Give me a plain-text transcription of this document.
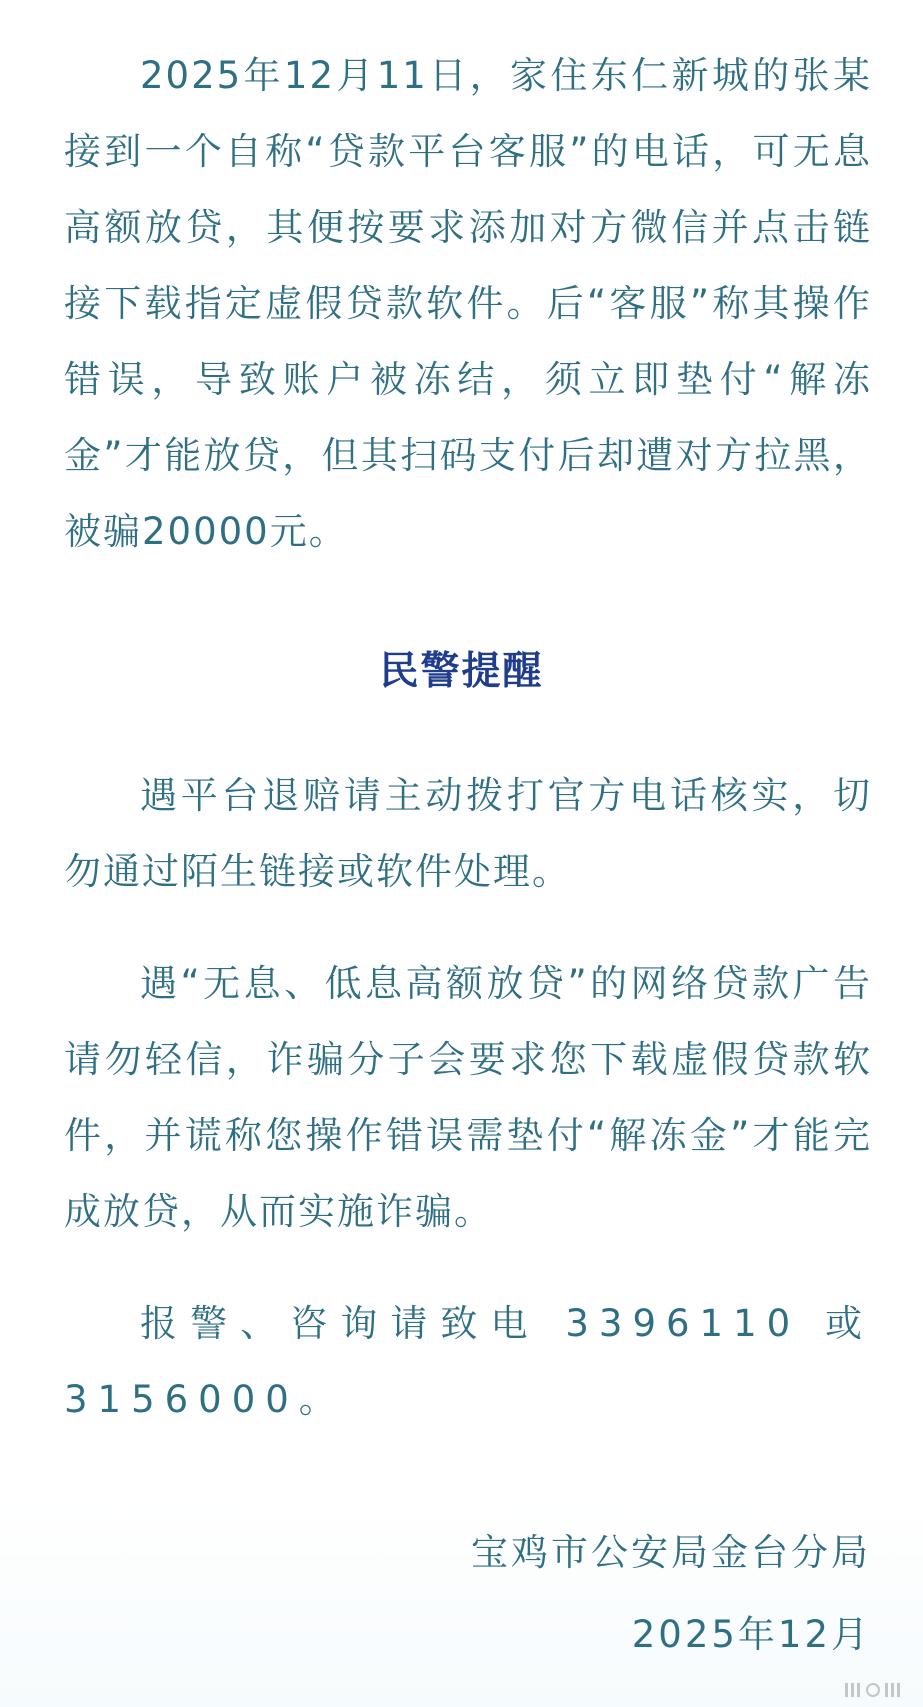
2025年12月11日，家住东仁新城的张某接到一个自称“贷款平台客服”的电话，可无息高额放贷，其便按要求添加对方微信并点击链接下载指定虚假贷款软件。后“客服”称其操作错误，导致账户被冻结，须立即垫付“解冻金”才能放贷，但其扫码支付后却遭对方拉黑，被骗20000元。

民警提醒

遇平台退赔请主动拨打官方电话核实，切勿通过陌生链接或软件处理。

遇“无息、低息高额放贷”的网络贷款广告请勿轻信，诈骗分子会要求您下载虚假贷款软件，并谎称您操作错误需垫付“解冻金”才能完成放贷，从而实施诈骗。

报警、咨询请致电 3396110 或 3156000。

宝鸡市公安局金台分局

2025年12月
